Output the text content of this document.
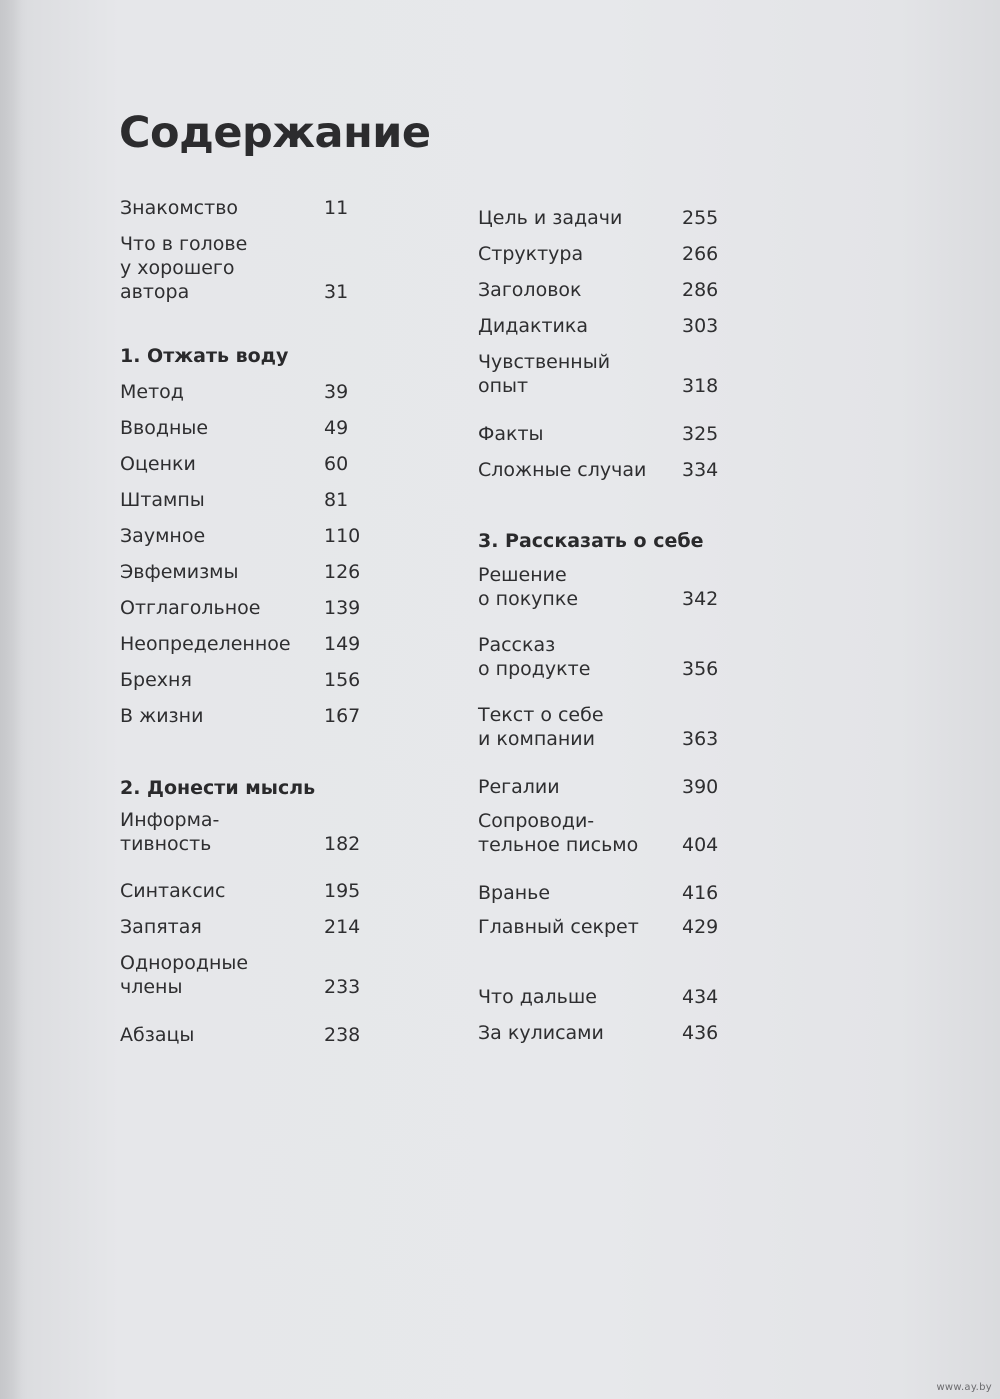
Содержание

Знакомство	11
Что в голове
у хорошего
автора	31
1. Отжать воду
Метод	39
Вводные	49
Оценки	60
Штампы	81
Заумное	110
Эвфемизмы	126
Отглагольное	139
Неопределенное 149
Брехня	156
В жизни	167
2. Донести мысль
Информа-
тивность	182
Синтаксис	195
Запятая	214
Однородные
члены	233
Абзацы	238
Цель и задачи	255
Структура	266
Заголовок	286
Дидактика	303
Чувственный
опыт	318
Факты	325
Сложные случаи 334
3. Рассказать о себе
Решение
о покупке	342
Рассказ
о продукте	356
Текст о себе
и компании	363
Регалии	390
Сопроводи-
тельное письмо 404
Вранье	416
Главный секрет 429
Что дальше	434
За кулисами	436
www.ay.by
